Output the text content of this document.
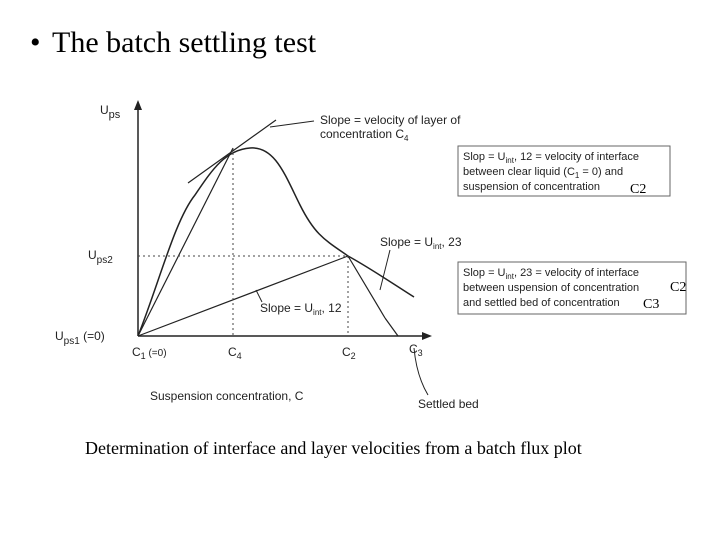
• The batch settling test
Ups
$U_{ps2}$
$U_{ps1}$ (=0)
$C_1$ $^{(=0)}$	$C_4$	$C_2$	$C_3$
Suspension concentration, C
Settled bed
Slope = velocity of layer of
concentration $C_4$
Slope = $U_{int}$, 23
Slope = $U_{int}$, 12
Slop = $U_{int}$, 12 = velocity of interface
between clear liquid $(C_1 = 0)$ and
suspension of concentration C2
Slop = $U_{int}$, 23 = velocity of interface
between uspension of concentration
and settled bed of concentration
C2
C3
Determination of interface and layer velocities from a batch flux plot
